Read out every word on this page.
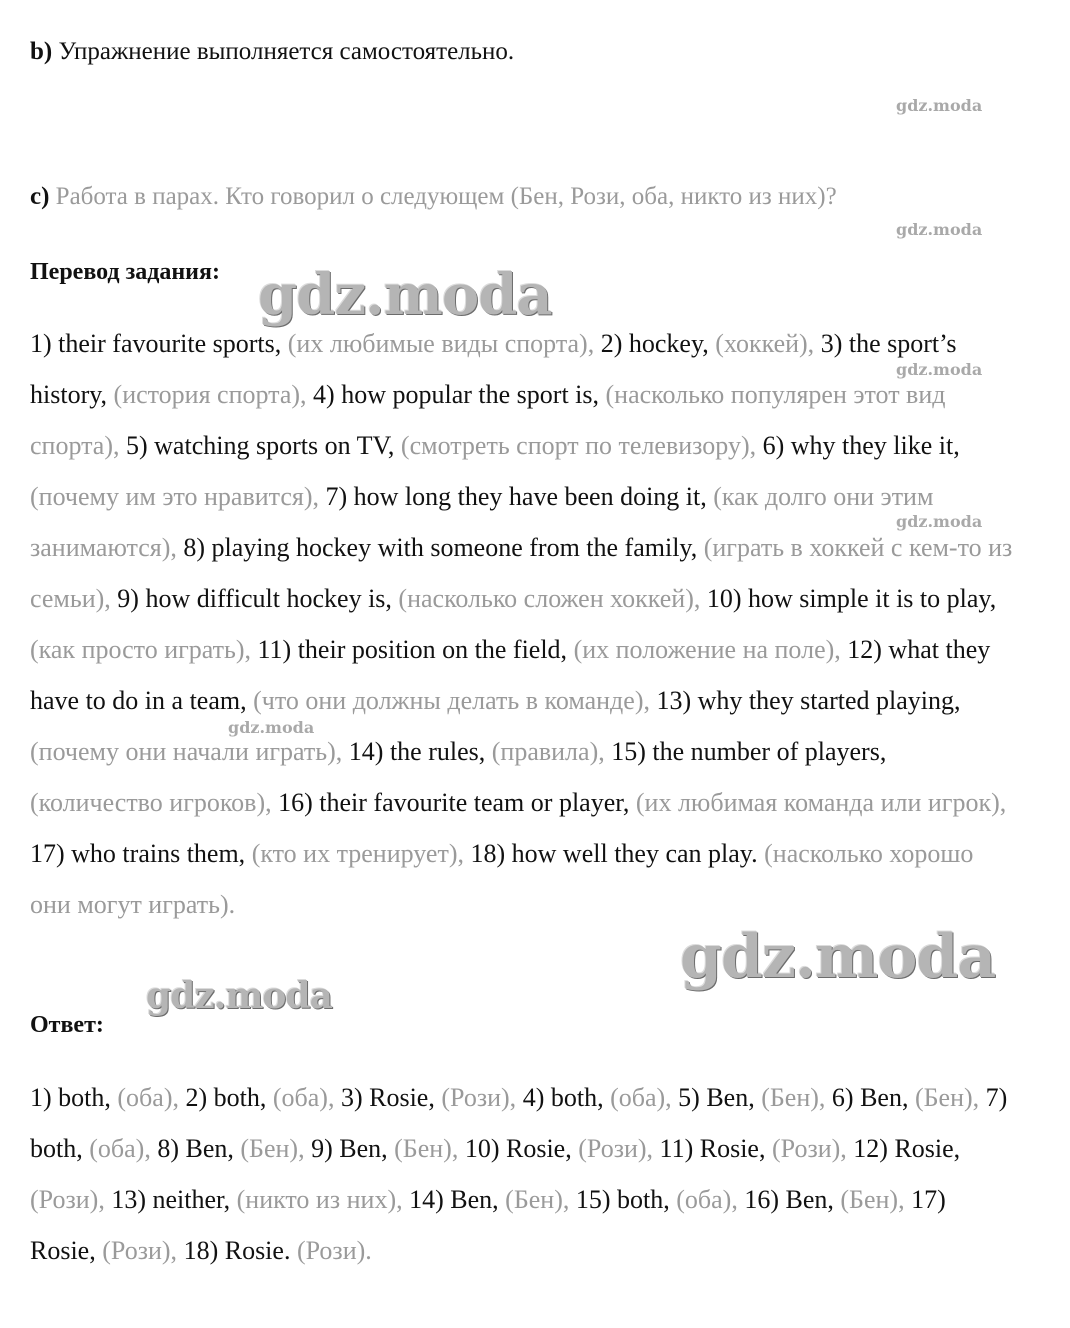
b) Упражнение выполняется самостоятельно.
gdz.moda
c) Работа в парах. Кто говорил о следующем (Бен, Рози, оба, никто из них)?
gdz.moda
Перевод задания: gdz.moda

1) their favourite sports, (их любимые виды спорта), 2) hockey, (хоккей), 3) the sport’s history, (история спорта), 4) how popular the sport is, (насколько популярен этот вид спорта), 5) watching sports on TV, (смотреть спорт по телевизору), 6) why they like it, (почему им это нравится), 7) how long they have been doing it, (как долго они этим занимаются), 8) playing hockey with someone from the family, (играть в хоккей с кем-то из семьи), 9) how difficult hockey is, (насколько сложен хоккей), 10) how simple it is to play, (как просто играть), 11) their position on the field, (их положение на поле), 12) what they have to do in a team, (что они должны делать в команде), 13) why they started playing, (почему они начали играть), 14) the rules, (правила), 15) the number of players, (количество игроков), 16) their favourite team or player, (их любимая команда или игрок), 17) who trains them, (кто их тренирует), 18) how well they can play. (насколько хорошо они могут играть).

gdz.moda
gdz.moda
gdz.moda
gdz.moda
gdz.moda
Ответ:

1) both, (оба), 2) both, (оба), 3) Rosie, (Рози), 4) both, (оба), 5) Ben, (Бен), 6) Ben, (Бен), 7) both, (оба), 8) Ben, (Бен), 9) Ben, (Бен), 10) Rosie, (Рози), 11) Rosie, (Рози), 12) Rosie, (Рози), 13) neither, (никто из них), 14) Ben, (Бен), 15) both, (оба), 16) Ben, (Бен), 17) Rosie, (Рози), 18) Rosie. (Рози).
